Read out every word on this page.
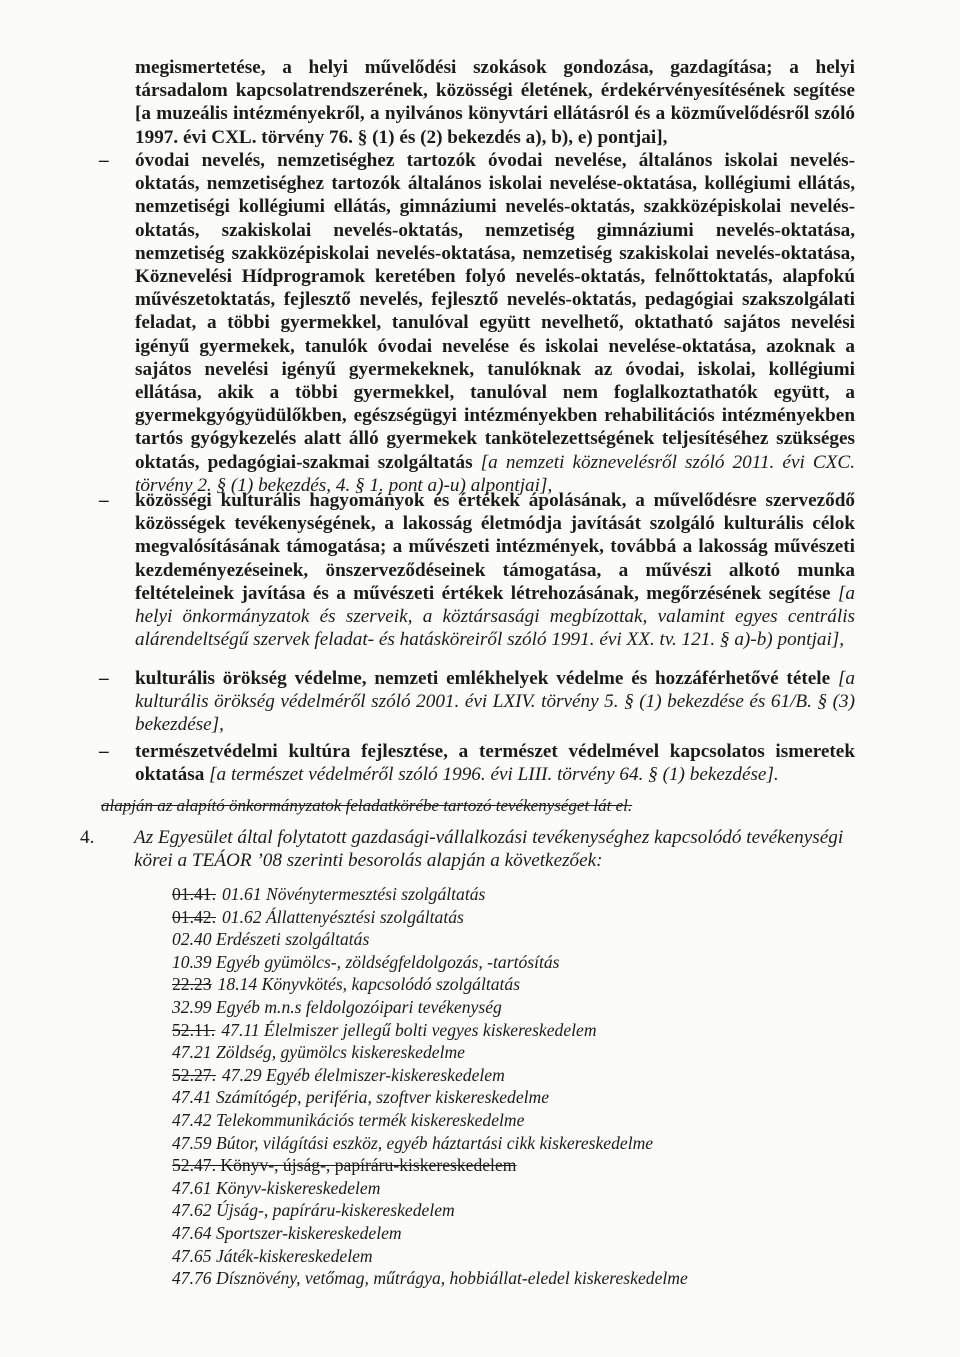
megismertetése, a helyi művelődési szokások gondozása, gazdagítása; a helyi társadalom kapcsolatrendszerének, közösségi életének, érdekérvényesítésének segítése [a muzeális intézményekről, a nyilvános könyvtári ellátásról és a közművelődésről szóló 1997. évi CXL. törvény 76. § (1) és (2) bekezdés a), b), e) pontjai],
–	óvodai nevelés, nemzetiséghez tartozók óvodai nevelése, általános iskolai nevelés-oktatás, nemzetiséghez tartozók általános iskolai nevelése-oktatása, kollégiumi ellátás, nemzetiségi kollégiumi ellátás, gimnáziumi nevelés-oktatás, szakközépiskolai nevelés-oktatás, szakiskolai nevelés-oktatás, nemzetiség gimnáziumi nevelés-oktatása, nemzetiség szakközépiskolai nevelés-oktatása, nemzetiség szakiskolai nevelés-oktatása, Köznevelési Hídprogramok keretében folyó nevelés-oktatás, felnőttoktatás, alapfokú művészetoktatás, fejlesztő nevelés, fejlesztő nevelés-oktatás, pedagógiai szakszolgálati feladat, a többi gyermekkel, tanulóval együtt nevelhető, oktatható sajátos nevelési igényű gyermekek, tanulók óvodai nevelése és iskolai nevelése-oktatása, azoknak a sajátos nevelési igényű gyermekeknek, tanulóknak az óvodai, iskolai, kollégiumi ellátása, akik a többi gyermekkel, tanulóval nem foglalkoztathatók együtt, a gyermekgyógyüdülőkben, egészségügyi intézményekben rehabilitációs intézményekben tartós gyógykezelés alatt álló gyermekek tankötelezettségének teljesítéséhez szükséges oktatás, pedagógiai-szakmai szolgáltatás [a nemzeti köznevelésről szóló 2011. évi CXC. törvény 2. § (1) bekezdés, 4. § 1. pont a)-u) alpontjai],
–	közösségi kulturális hagyományok és értékek ápolásának, a művelődésre szerveződő közösségek tevékenységének, a lakosság életmódja javítását szolgáló kulturális célok megvalósításának támogatása; a művészeti intézmények, továbbá a lakosság művészeti kezdeményezéseinek, önszerveződéseinek támogatása, a művészi alkotó munka feltételeinek javítása és a művészeti értékek létrehozásának, megőrzésének segítése [a helyi önkormányzatok és szerveik, a köztársasági megbízottak, valamint egyes centrális alárendeltségű szervek feladat- és hatásköreiről szóló 1991. évi XX. tv. 121. § a)-b) pontjai],
–	kulturális örökség védelme, nemzeti emlékhelyek védelme és hozzáférhetővé tétele [a kulturális örökség védelméről szóló 2001. évi LXIV. törvény 5. § (1) bekezdése és 61/B. § (3) bekezdése],
–	természetvédelmi kultúra fejlesztése, a természet védelmével kapcsolatos ismeretek oktatása [a természet védelméről szóló 1996. évi LIII. törvény 64. § (1) bekezdése].
alapján az alapító önkormányzatok feladatkörébe tartozó tevékenységet lát el.
4. Az Egyesület által folytatott gazdasági-vállalkozási tevékenységhez kapcsolódó tevékenységi körei a TEÁOR ’08 szerinti besorolás alapján a következőek:
01.41. 01.61 Növénytermesztési szolgáltatás
01.42. 01.62 Állattenyésztési szolgáltatás
02.40 Erdészeti szolgáltatás
10.39 Egyéb gyümölcs-, zöldségfeldolgozás, -tartósítás
22.23 18.14 Könyvkötés, kapcsolódó szolgáltatás
32.99 Egyéb m.n.s feldolgozóipari tevékenység
52.11. 47.11 Élelmiszer jellegű bolti vegyes kiskereskedelem
47.21 Zöldség, gyümölcs kiskereskedelme
52.27. 47.29 Egyéb élelmiszer-kiskereskedelem
47.41 Számítógép, periféria, szoftver kiskereskedelme
47.42 Telekommunikációs termék kiskereskedelme
47.59 Bútor, világítási eszköz, egyéb háztartási cikk kiskereskedelme
52.47. Könyv-, újság-, papíráru-kiskereskedelem
47.61 Könyv-kiskereskedelem
47.62 Újság-, papíráru-kiskereskedelem
47.64 Sportszer-kiskereskedelem
47.65 Játék-kiskereskedelem
47.76 Dísznövény, vetőmag, műtrágya, hobbiállat-eledel kiskereskedelme
